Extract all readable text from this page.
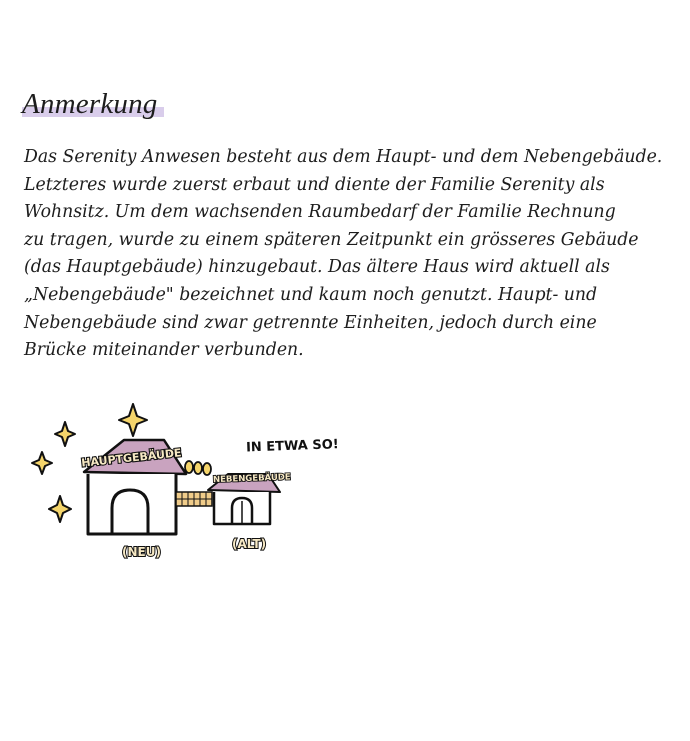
Anmerkung
Das Serenity Anwesen besteht aus dem Haupt- und dem Nebengebäude.
Letzteres wurde zuerst erbaut und diente der Familie Serenity als
Wohnsitz. Um dem wachsenden Raumbedarf der Familie Rechnung
zu tragen, wurde zu einem späteren Zeitpunkt ein grösseres Gebäude
(das Hauptgebäude) hinzugebaut. Das ältere Haus wird aktuell als
„Nebengebäude" bezeichnet und kaum noch genutzt. Haupt- und
Nebengebäude sind zwar getrennte Einheiten, jedoch durch eine
Brücke miteinander verbunden.
HAUPTGEBÄUDE
NEBENGEBÄUDE
IN ETWA SO!
(NEU)
(ALT)
